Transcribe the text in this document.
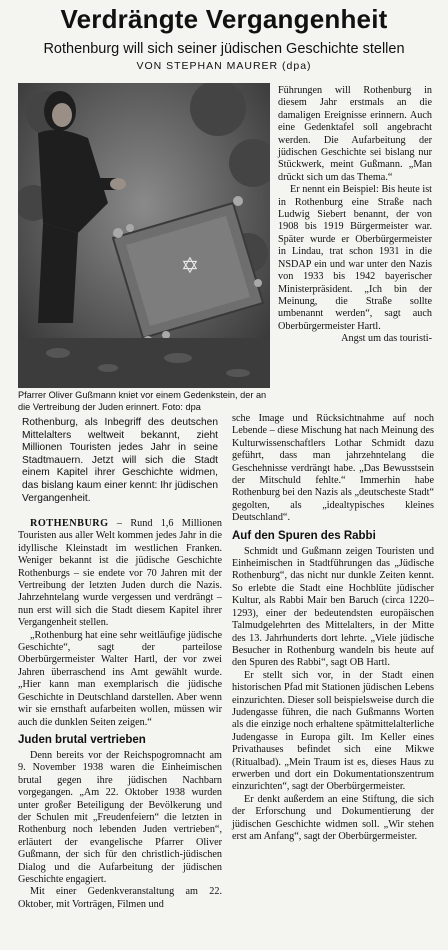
Verdrängte Vergangenheit
Rothenburg will sich seiner jüdischen Geschichte stellen
VON STEPHAN MAURER (dpa)
✡
Pfarrer Oliver Gußmann kniet vor einem Gedenkstein, der an die Vertreibung der Juden erinnert. Foto: dpa
Rothenburg, als Inbegriff des deutschen Mittelalters weltweit bekannt, zieht Millionen Touristen jedes Jahr in seine Stadtmauern. Jetzt will sich die Stadt einem Kapitel ihrer Geschichte widmen, das bislang kaum einer kennt: Ihr jüdischen Vergangenheit.

Führungen will Rothenburg in diesem Jahr erstmals an die damaligen Ereignisse erinnern. Auch eine Gedenktafel soll angebracht werden. Die Aufarbeitung der jüdischen Geschichte sei bislang nur Stückwerk, meint Gußmann. „Man drückt sich um das Thema.“

Er nennt ein Beispiel: Bis heute ist in Rothenburg eine Straße nach Ludwig Siebert benannt, der von 1908 bis 1919 Bürgermeister war. Später wurde er Oberbürgermeister in Lindau, trat schon 1931 in die NSDAP ein und war unter den Nazis von 1933 bis 1942 bayerischer Ministerpräsident. „Ich bin der Meinung, die Straße sollte umbenannt werden“, sagt auch Oberbürgermeister Hartl.

Angst um das touristi-

ROTHENBURG – Rund 1,6 Millionen Touristen aus aller Welt kommen jedes Jahr in die idyllische Kleinstadt im westlichen Franken. Weniger bekannt ist die jüdische Geschichte Rothenburgs – sie endete vor 70 Jahren mit der Vertreibung der letzten Juden durch die Nazis. Jahrzehntelang wurde vergessen und verdrängt – nun erst will sich die Stadt diesem Kapitel ihrer Vergangenheit stellen.

„Rothenburg hat eine sehr weitläufige jüdische Geschichte“, sagt der parteilose Oberbürgermeister Walter Hartl, der vor zwei Jahren überraschend ins Amt gewählt wurde. „Hier kann man exemplarisch die jüdische Geschichte in Deutschland darstellen. Aber wenn wir sie ernsthaft aufarbeiten wollen, müssen wir auch die dunklen Seiten zeigen.“

Juden brutal vertrieben

Denn bereits vor der Reichspogromnacht am 9. November 1938 waren die Einheimischen brutal gegen ihre jüdischen Nachbarn vorgegangen. „Am 22. Oktober 1938 wurden unter großer Beteiligung der Bevölkerung und der Schulen mit „Freudenfeiern“ die letzten in Rothenburg noch lebenden Juden vertrieben“, erläutert der evangelische Pfarrer Oliver Gußmann, der sich für den christlich-jüdischen Dialog und die Aufarbeitung der jüdischen Geschichte engagiert.

Mit einer Gedenkveranstaltung am 22. Oktober, mit Vorträgen, Filmen und

sche Image und Rücksichtnahme auf noch Lebende – diese Mischung hat nach Meinung des Kulturwissenschaftlers Lothar Schmidt dazu geführt, dass man jahrzehntelang die Geschehnisse verdrängt habe. „Das Bewusstsein der Mitschuld fehlte.“ Immerhin habe Rothenburg bei den Nazis als „deutscheste Stadt“ gegolten, als „idealtypisches kleines Deutschland“.

Auf den Spuren des Rabbi

Schmidt und Gußmann zeigen Touristen und Einheimischen in Stadtführungen das „Jüdische Rothenburg“, das nicht nur dunkle Zeiten kennt. So erlebte die Stadt eine Hochblüte jüdischer Kultur, als Rabbi Mair ben Baruch (circa 1220–1293), einer der bedeutendsten europäischen Talmudgelehrten des Mittelalters, in der Mitte des 13. Jahrhunderts dort lehrte. „Viele jüdische Besucher in Rothenburg wandeln bis heute auf den Spuren des Rabbi“, sagt OB Hartl.

Er stellt sich vor, in der Stadt einen historischen Pfad mit Stationen jüdischen Lebens einzurichten. Dieser soll beispielsweise durch die Judengasse führen, die nach Gußmanns Worten als die einzige noch erhaltene spätmittelalterliche Judengasse in Europa gilt. Im Keller eines Privathauses befindet sich eine Mikwe (Ritualbad). „Mein Traum ist es, dieses Haus zu erwerben und dort ein Dokumentationszentrum einzurichten“, sagt der Oberbürgermeister.

Er denkt außerdem an eine Stiftung, die sich der Erforschung und Dokumentierung der jüdischen Geschichte widmen soll. „Wir stehen erst am Anfang“, sagt der Oberbürgermeister.
